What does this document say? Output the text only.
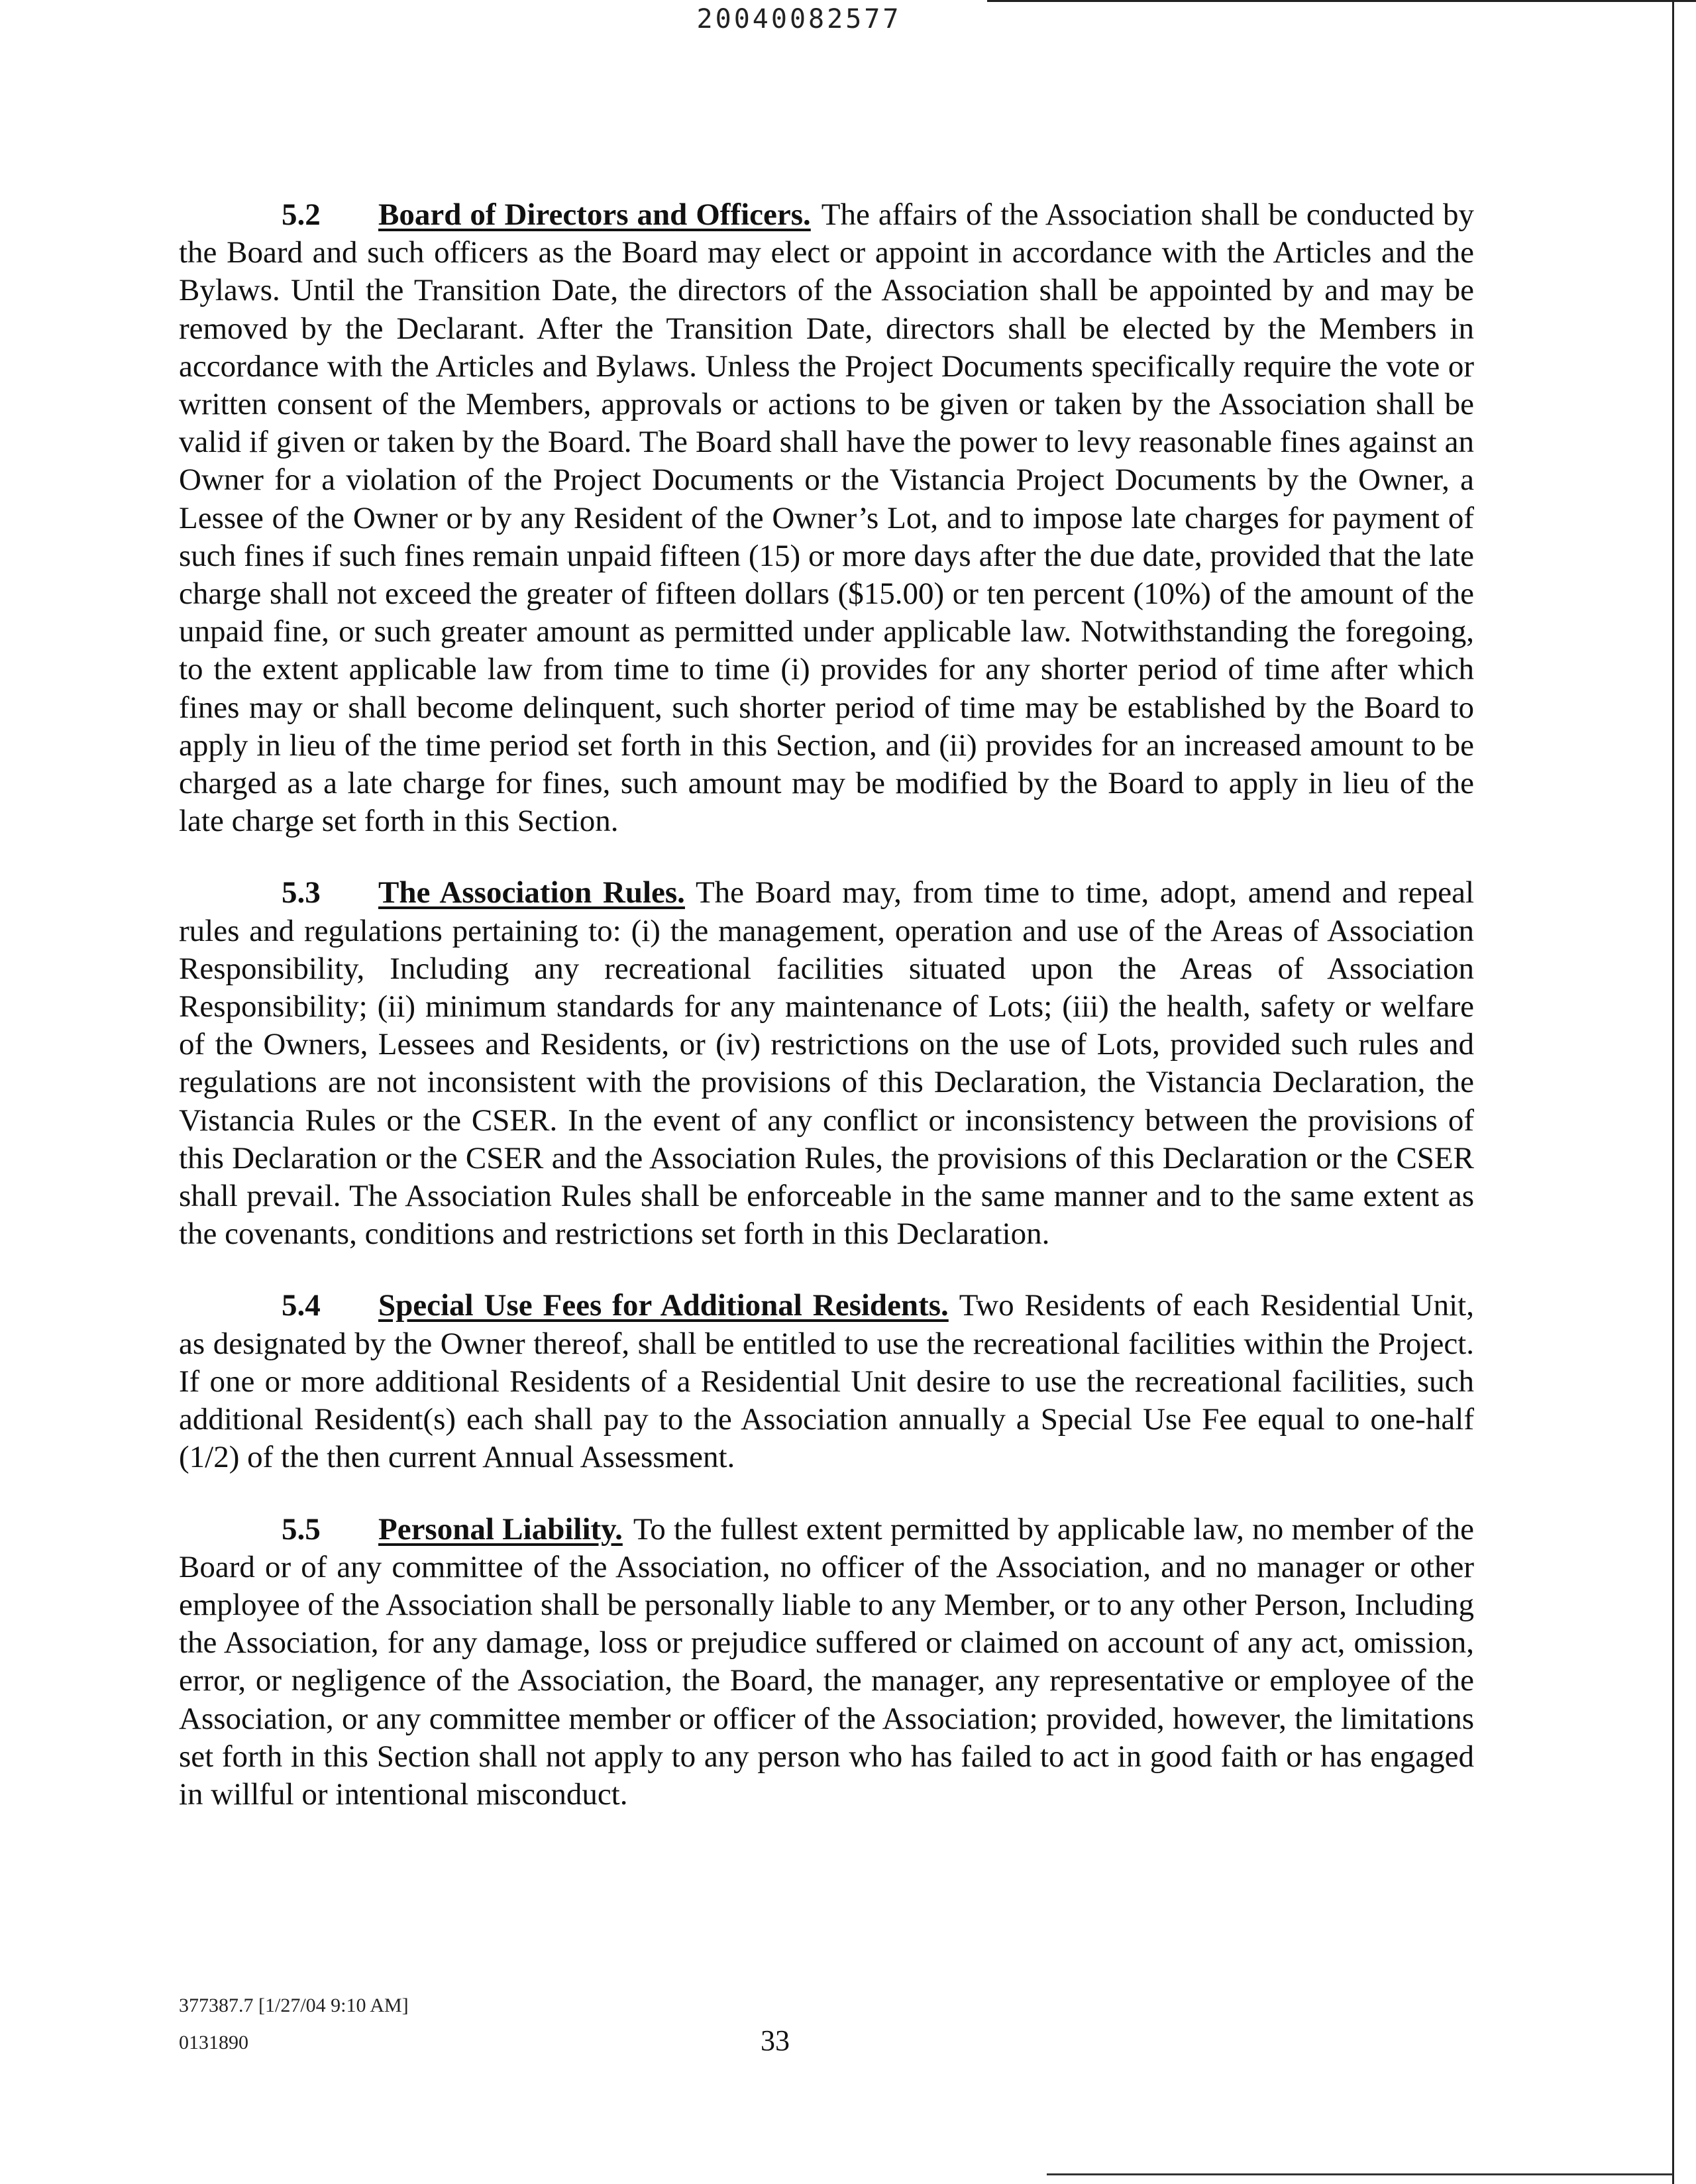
20040082577

5.2 Board of Directors and Officers. The affairs of the Association shall be conducted by the Board and such officers as the Board may elect or appoint in accordance with the Articles and the Bylaws. Until the Transition Date, the directors of the Association shall be appointed by and may be removed by the Declarant. After the Transition Date, directors shall be elected by the Members in accordance with the Articles and Bylaws. Unless the Project Documents specifically require the vote or written consent of the Members, approvals or actions to be given or taken by the Association shall be valid if given or taken by the Board. The Board shall have the power to levy reasonable fines against an Owner for a violation of the Project Documents or the Vistancia Project Documents by the Owner, a Lessee of the Owner or by any Resident of the Owner’s Lot, and to impose late charges for payment of such fines if such fines remain unpaid fifteen (15) or more days after the due date, provided that the late charge shall not exceed the greater of fifteen dollars ($15.00) or ten percent (10%) of the amount of the unpaid fine, or such greater amount as permitted under applicable law. Notwithstanding the foregoing, to the extent applicable law from time to time (i) provides for any shorter period of time after which fines may or shall become delinquent, such shorter period of time may be established by the Board to apply in lieu of the time period set forth in this Section, and (ii) provides for an increased amount to be charged as a late charge for fines, such amount may be modified by the Board to apply in lieu of the late charge set forth in this Section.

5.3 The Association Rules. The Board may, from time to time, adopt, amend and repeal rules and regulations pertaining to: (i) the management, operation and use of the Areas of Association Responsibility, Including any recreational facilities situated upon the Areas of Association Responsibility; (ii) minimum standards for any maintenance of Lots; (iii) the health, safety or welfare of the Owners, Lessees and Residents, or (iv) restrictions on the use of Lots, provided such rules and regulations are not inconsistent with the provisions of this Declaration, the Vistancia Declaration, the Vistancia Rules or the CSER. In the event of any conflict or inconsistency between the provisions of this Declaration or the CSER and the Association Rules, the provisions of this Declaration or the CSER shall prevail. The Association Rules shall be enforceable in the same manner and to the same extent as the covenants, conditions and restrictions set forth in this Declaration.

5.4 Special Use Fees for Additional Residents. Two Residents of each Residential Unit, as designated by the Owner thereof, shall be entitled to use the recreational facilities within the Project. If one or more additional Residents of a Residential Unit desire to use the recreational facilities, such additional Resident(s) each shall pay to the Association annually a Special Use Fee equal to one-half (1/2) of the then current Annual Assessment.

5.5 Personal Liability. To the fullest extent permitted by applicable law, no member of the Board or of any committee of the Association, no officer of the Association, and no manager or other employee of the Association shall be personally liable to any Member, or to any other Person, Including the Association, for any damage, loss or prejudice suffered or claimed on account of any act, omission, error, or negligence of the Association, the Board, the manager, any representative or employee of the Association, or any committee member or officer of the Association; provided, however, the limitations set forth in this Section shall not apply to any person who has failed to act in good faith or has engaged in willful or intentional misconduct.

377387.7 [1/27/04 9:10 AM]
0131890	33
